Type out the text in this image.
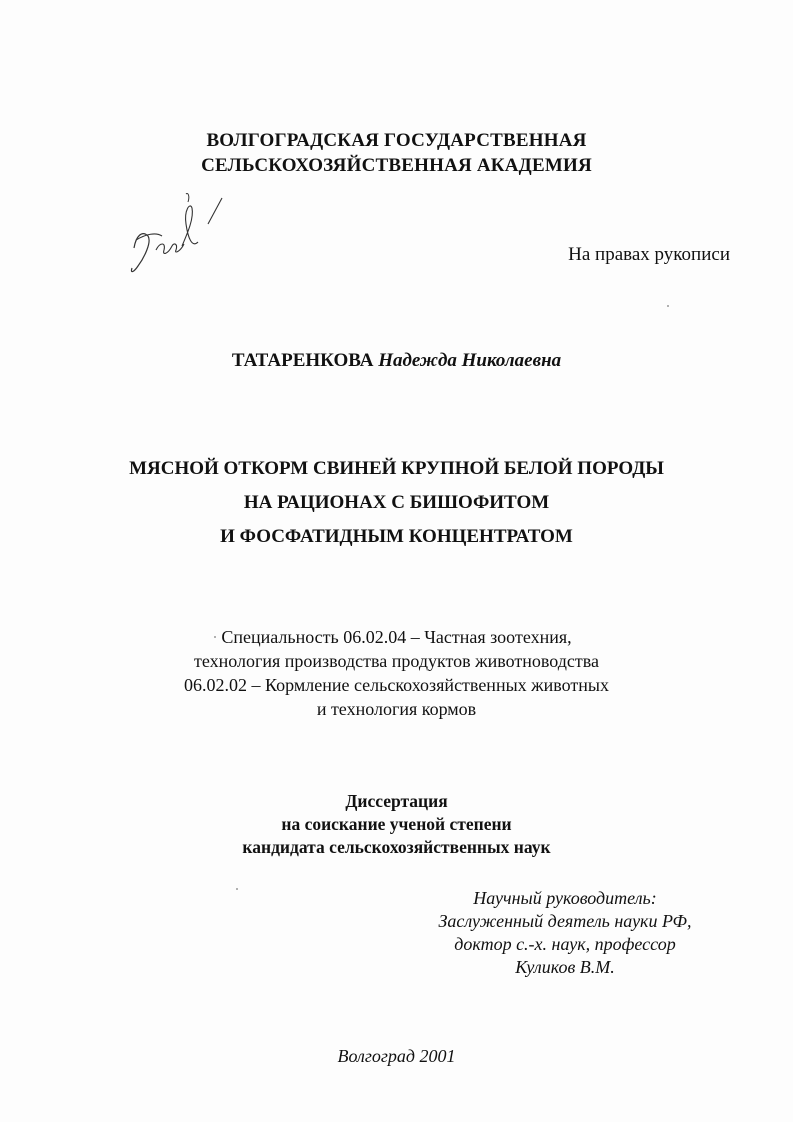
ВОЛГОГРАДСКАЯ ГОСУДАРСТВЕННАЯ
СЕЛЬСКОХОЗЯЙСТВЕННАЯ АКАДЕМИЯ
На правах рукописи
ТАТАРЕНКОВА Надежда Николаевна
МЯСНОЙ ОТКОРМ СВИНЕЙ КРУПНОЙ БЕЛОЙ ПОРОДЫ
НА РАЦИОНАХ С БИШОФИТОМ
И ФОСФАТИДНЫМ КОНЦЕНТРАТОМ
Специальность 06.02.04 – Частная зоотехния,
технология производства продуктов животноводства
06.02.02 – Кормление сельскохозяйственных животных
и технология кормов
Диссертация
на соискание ученой степени
кандидата сельскохозяйственных наук
Научный руководитель:
Заслуженный деятель науки РФ,
доктор с.-х. наук, профессор
Куликов В.М.
Волгоград 2001
